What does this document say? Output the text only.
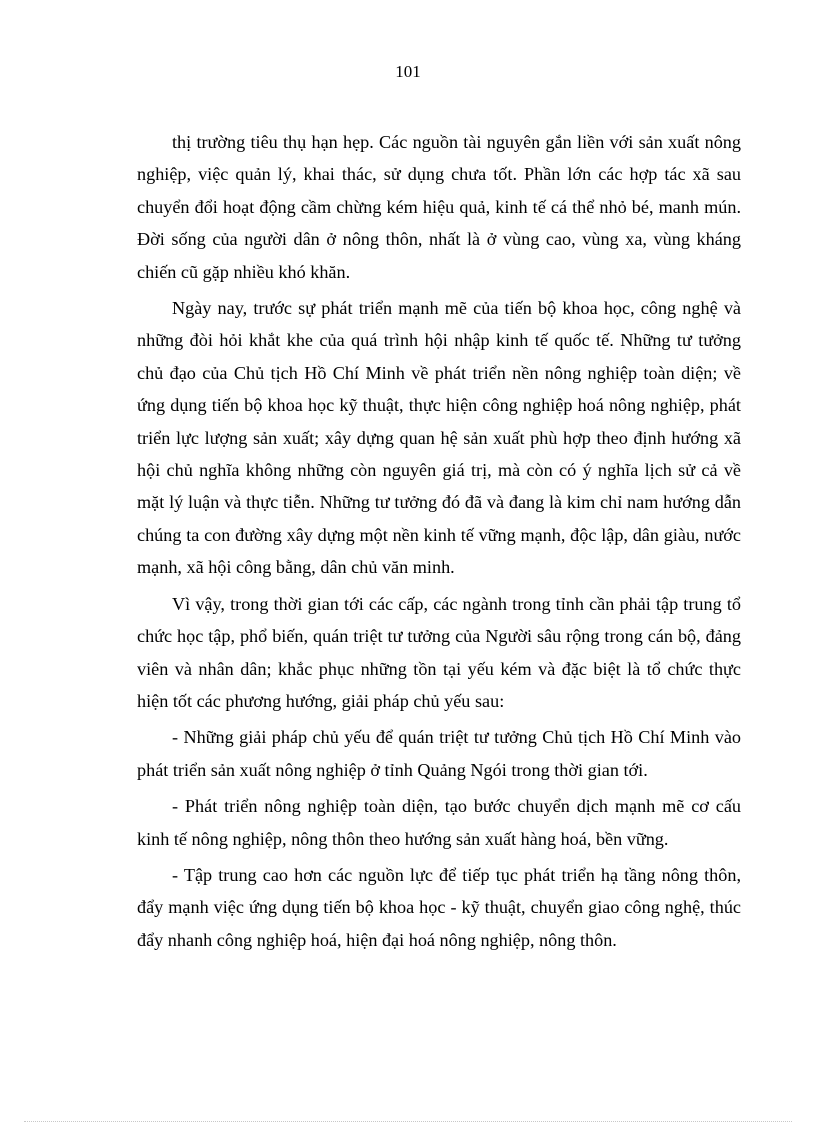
101

thị trường tiêu thụ hạn hẹp. Các nguồn tài nguyên gắn liền với sản xuất nông nghiệp, việc quản lý, khai thác, sử dụng chưa tốt. Phần lớn các hợp tác xã sau chuyển đổi hoạt động cầm chừng kém hiệu quả, kinh tế cá thể nhỏ bé, manh mún. Đời sống của người dân ở nông thôn, nhất là ở vùng cao, vùng xa, vùng kháng chiến cũ gặp nhiều khó khăn.

Ngày nay, trước sự phát triển mạnh mẽ của tiến bộ khoa học, công nghệ và những đòi hỏi khắt khe của quá trình hội nhập kinh tế quốc tế. Những tư tưởng chủ đạo của Chủ tịch Hồ Chí Minh về phát triển nền nông nghiệp toàn diện; về ứng dụng tiến bộ khoa học kỹ thuật, thực hiện công nghiệp hoá nông nghiệp, phát triển lực lượng sản xuất; xây dựng quan hệ sản xuất phù hợp theo định hướng xã hội chủ nghĩa không những còn nguyên giá trị, mà còn có ý nghĩa lịch sử cả về mặt lý luận và thực tiễn. Những tư tưởng đó đã và đang là kim chỉ nam hướng dẫn chúng ta con đường xây dựng một nền kinh tế vững mạnh, độc lập, dân giàu, nước mạnh, xã hội công bằng, dân chủ văn minh.

Vì vậy, trong thời gian tới các cấp, các ngành trong tỉnh cần phải tập trung tổ chức học tập, phổ biến, quán triệt tư tưởng của Người sâu rộng trong cán bộ, đảng viên và nhân dân; khắc phục những tồn tại yếu kém và đặc biệt là tổ chức thực hiện tốt các phương hướng, giải pháp chủ yếu sau:

- Những giải pháp chủ yếu để quán triệt tư tưởng Chủ tịch Hồ Chí Minh vào phát triển sản xuất nông nghiệp ở tỉnh Quảng Ngói trong thời gian tới.

- Phát triển nông nghiệp toàn diện, tạo bước chuyển dịch mạnh mẽ cơ cấu kinh tế nông nghiệp, nông thôn theo hướng sản xuất hàng hoá, bền vững.

- Tập trung cao hơn các nguồn lực để tiếp tục phát triển hạ tầng nông thôn, đẩy mạnh việc ứng dụng tiến bộ khoa học - kỹ thuật, chuyển giao công nghệ, thúc đẩy nhanh công nghiệp hoá, hiện đại hoá nông nghiệp, nông thôn.
